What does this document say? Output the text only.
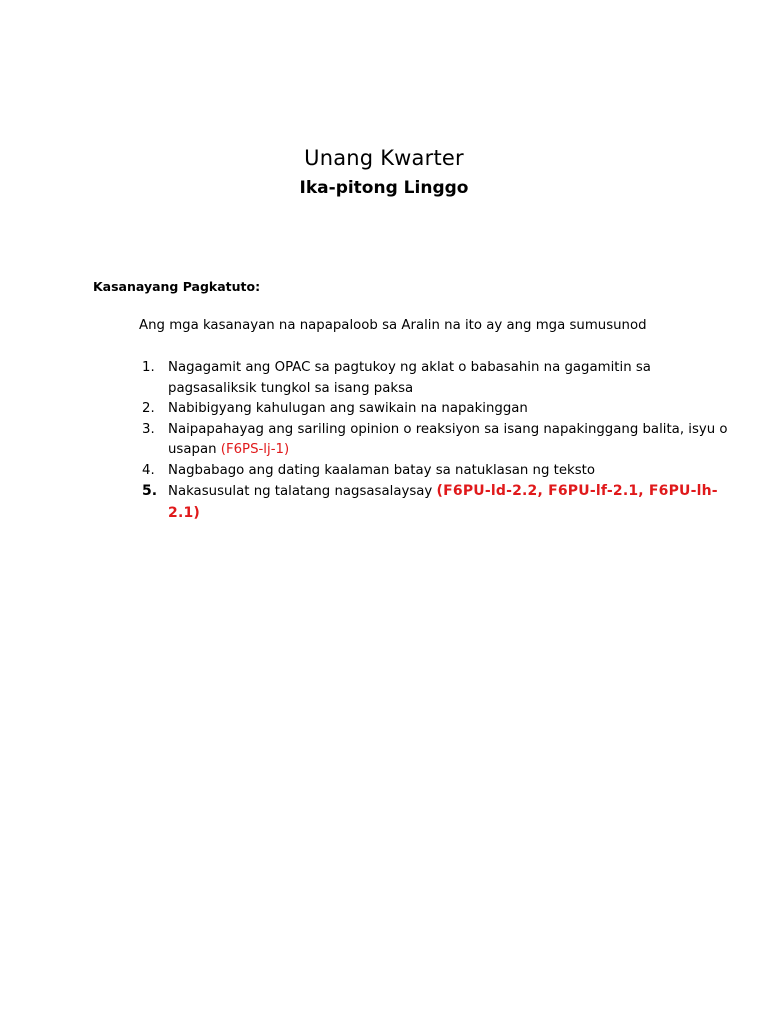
Unang Kwarter
Ika-pitong Linggo
Kasanayang Pagkatuto:
Ang mga kasanayan na napapaloob sa Aralin na ito ay ang mga sumusunod
1. Nagagamit ang OPAC sa pagtukoy ng aklat o babasahin na gagamitin sa pagsasaliksik tungkol sa isang paksa
2. Nabibigyang kahulugan ang sawikain na napakinggan
3. Naipapahayag ang sariling opinion o reaksiyon sa isang napakinggang balita, isyu o usapan (F6PS-lj-1)
4. Nagbabago ang dating kaalaman batay sa natuklasan ng teksto
5. Nakasusulat ng talatang nagsasalaysay (F6PU-ld-2.2, F6PU-lf-2.1, F6PU-lh-2.1)
